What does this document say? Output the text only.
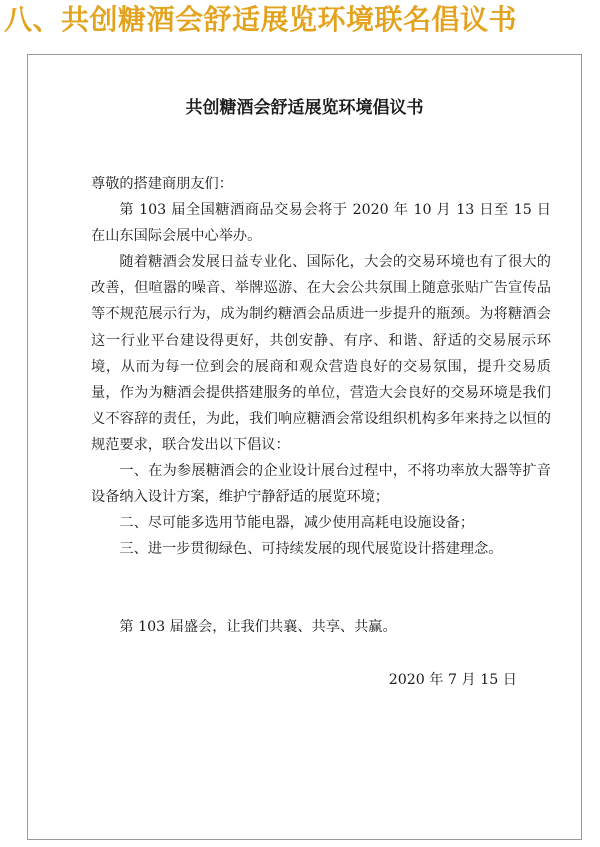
八、共创糖酒会舒适展览环境联名倡议书
共创糖酒会舒适展览环境倡议书

尊敬的搭建商朋友们：

第 103 届全国糖酒商品交易会将于 2020 年 10 月 13 日至 15 日在山东国际会展中心举办。

随着糖酒会发展日益专业化、国际化，大会的交易环境也有了很大的改善，但喧嚣的噪音、举牌巡游、在大会公共氛围上随意张贴广告宣传品等不规范展示行为，成为制约糖酒会品质进一步提升的瓶颈。为将糖酒会这一行业平台建设得更好，共创安静、有序、和谐、舒适的交易展示环境，从而为每一位到会的展商和观众营造良好的交易氛围，提升交易质量，作为为糖酒会提供搭建服务的单位，营造大会良好的交易环境是我们义不容辞的责任，为此，我们响应糖酒会常设组织机构多年来持之以恒的规范要求，联合发出以下倡议：

一、在为参展糖酒会的企业设计展台过程中，不将功率放大器等扩音设备纳入设计方案，维护宁静舒适的展览环境；

二、尽可能多选用节能电器，减少使用高耗电设施设备；

三、进一步贯彻绿色、可持续发展的现代展览设计搭建理念。

第 103 届盛会，让我们共襄、共享、共赢。

2020 年 7 月 15 日
